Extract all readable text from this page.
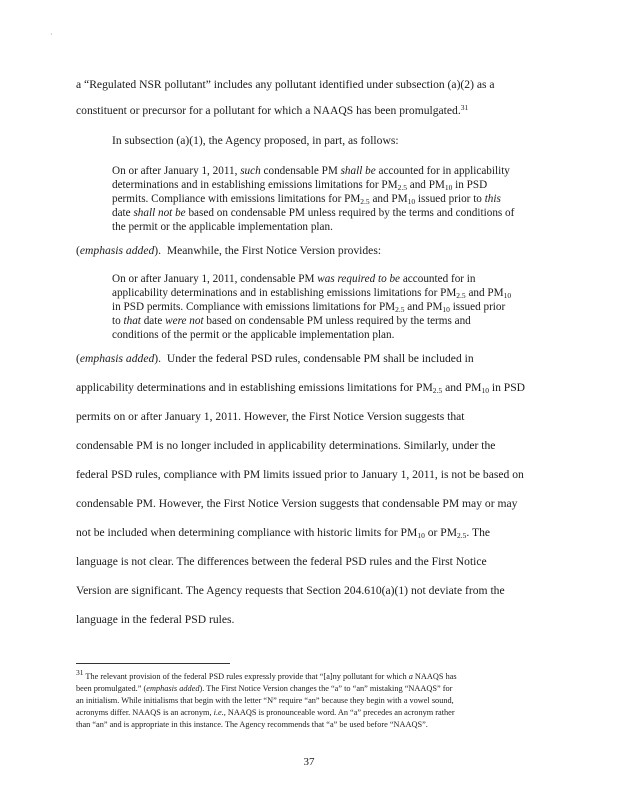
·
a “Regulated NSR pollutant” includes any pollutant identified under subsection (a)(2) as a
constituent or precursor for a pollutant for which a NAAQS has been promulgated.$^{31}$
In subsection (a)(1), the Agency proposed, in part, as follows:
On or after January 1, 2011, such condensable PM shall be accounted for in applicability
determinations and in establishing emissions limitations for $PM_{2.5}$ and $PM_{10}$ in PSD
permits. Compliance with emissions limitations for $PM_{2.5}$ and $PM_{10}$ issued prior to this
date shall not be based on condensable PM unless required by the terms and conditions of
the permit or the applicable implementation plan.
(emphasis added).  Meanwhile, the First Notice Version provides:
On or after January 1, 2011, condensable PM was required to be accounted for in
applicability determinations and in establishing emissions limitations for $PM_{2.5}$ and $PM_{10}$
in PSD permits. Compliance with emissions limitations for $PM_{2.5}$ and $PM_{10}$ issued prior
to that date were not based on condensable PM unless required by the terms and
conditions of the permit or the applicable implementation plan.
(emphasis added).  Under the federal PSD rules, condensable PM shall be included in
applicability determinations and in establishing emissions limitations for $PM_{2.5}$ and $PM_{10}$ in PSD
permits on or after January 1, 2011. However, the First Notice Version suggests that
condensable PM is no longer included in applicability determinations. Similarly, under the
federal PSD rules, compliance with PM limits issued prior to January 1, 2011, is not be based on
condensable PM. However, the First Notice Version suggests that condensable PM may or may
not be included when determining compliance with historic limits for $PM_{10}$ or $PM_{2.5}$. The
language is not clear. The differences between the federal PSD rules and the First Notice
Version are significant. The Agency requests that Section 204.610(a)(1) not deviate from the
language in the federal PSD rules.
$^{31}$ The relevant provision of the federal PSD rules expressly provide that “[a]ny pollutant for which a NAAQS has
been promulgated.” (emphasis added). The First Notice Version changes the “a” to “an” mistaking “NAAQS” for
an initialism. While initialisms that begin with the letter “N” require “an” because they begin with a vowel sound,
acronyms differ. NAAQS is an acronym, i.e., NAAQS is pronounceable word. An “a” precedes an acronym rather
than “an” and is appropriate in this instance. The Agency recommends that “a” be used before “NAAQS”.
37
